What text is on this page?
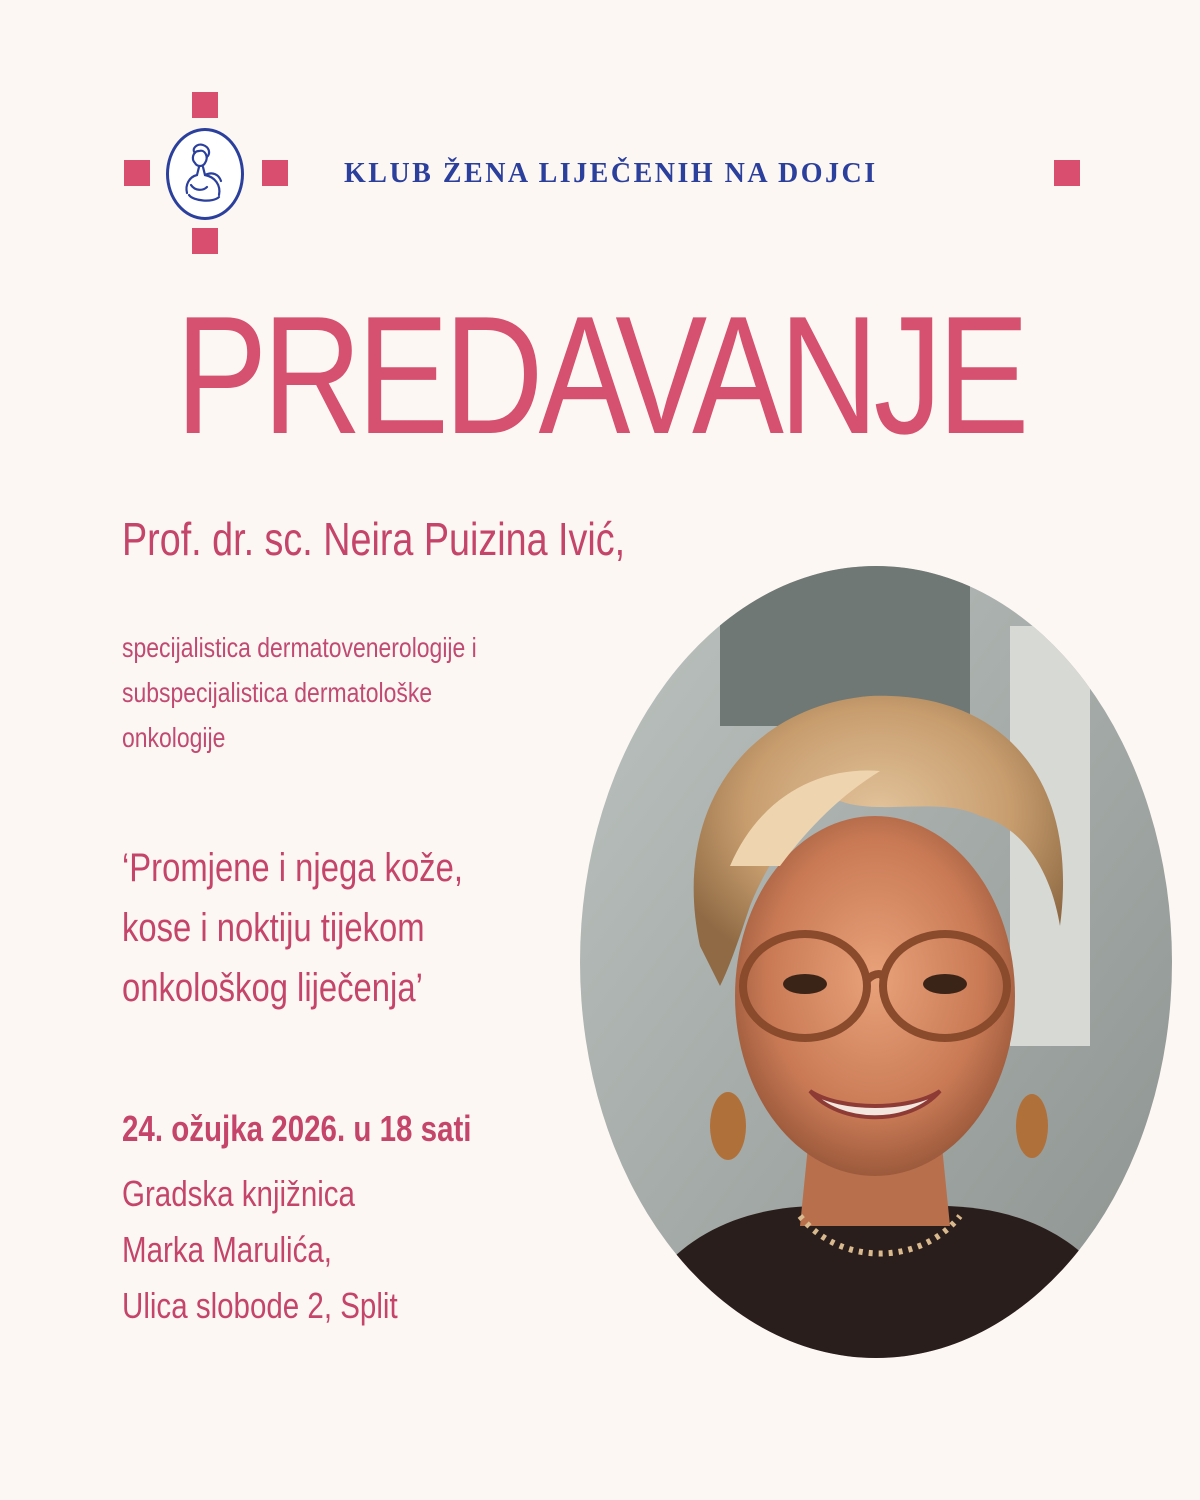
KLUB ŽENA LIJEČENIH NA DOJCI
PREDAVANJE
Prof. dr. sc. Neira Puizina Ivić,
specijalistica dermatovenerologije i
subspecijalistica dermatološke
onkologije
‘Promjene i njega kože,
kose i noktiju tijekom
onkološkog liječenja’
24. ožujka 2026. u 18 sati
Gradska knjižnica
Marka Marulića,
Ulica slobode 2, Split
